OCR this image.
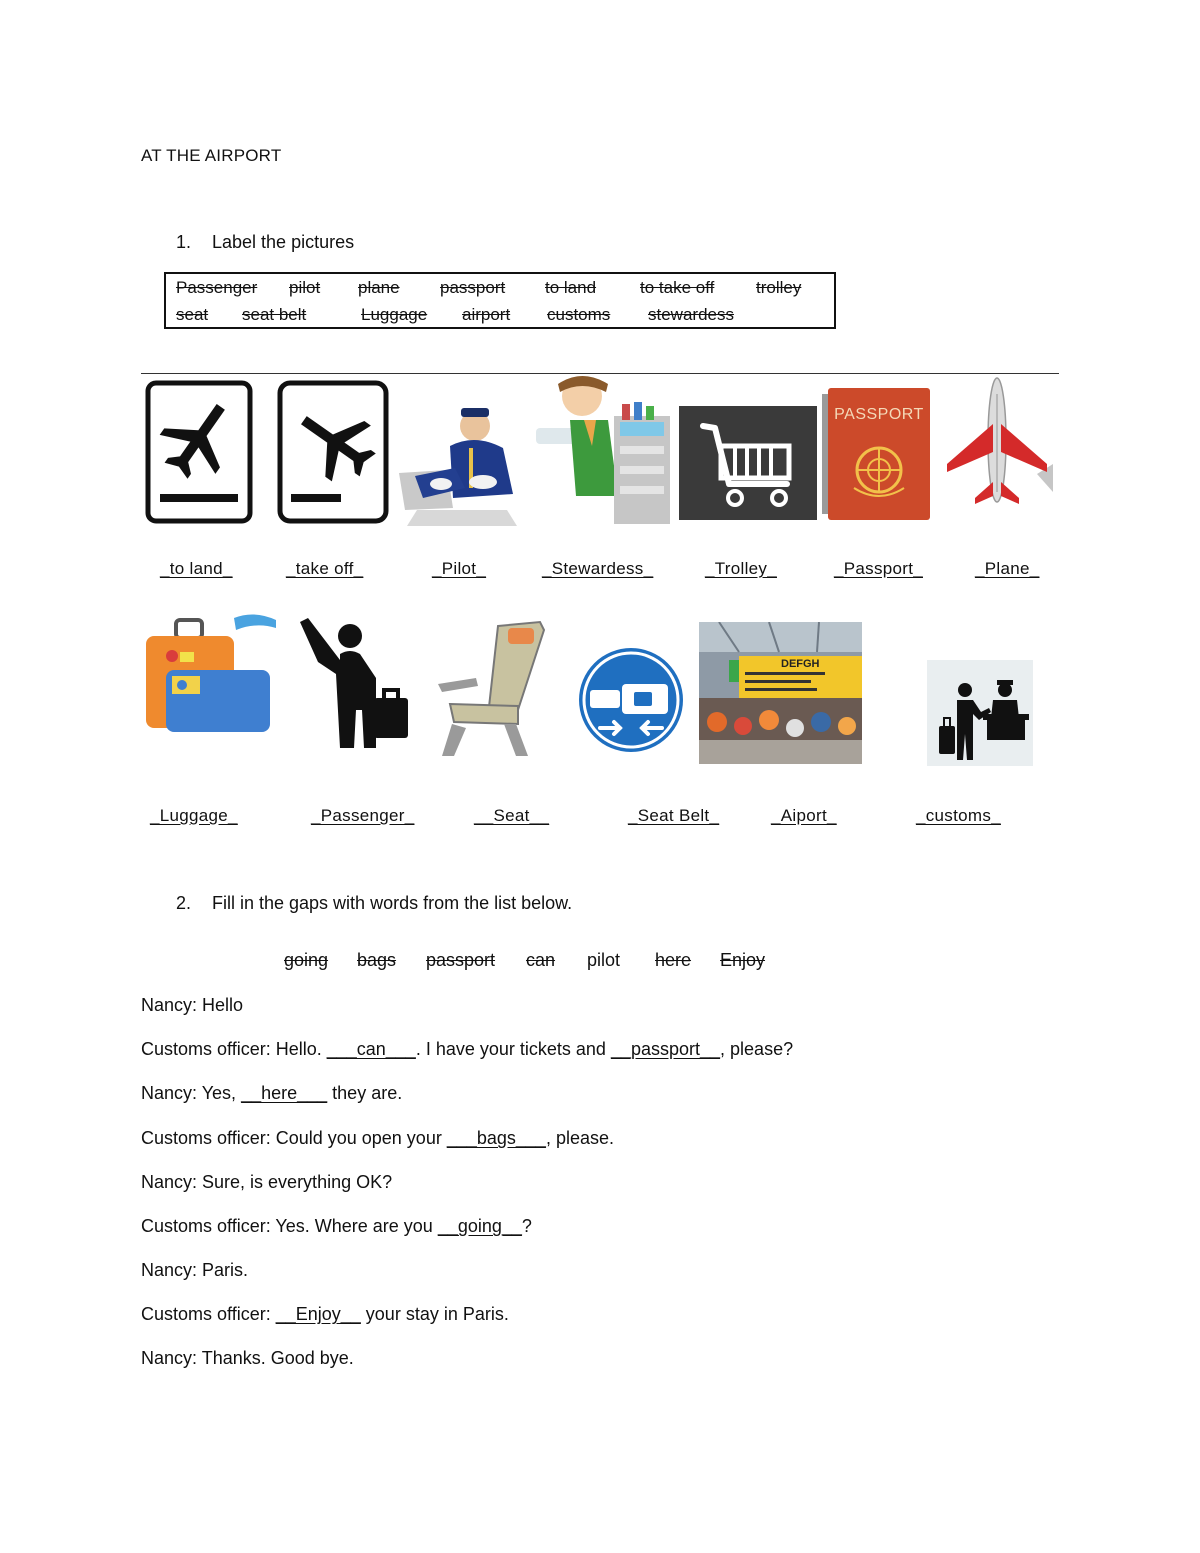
AT THE AIRPORT
1. Label the pictures
Passenger pilot plane passport to land	to take off trolley
seat seat belt	Luggage airport customs stewardess
PASSPORT
_to land_	_take off_	_Pilot_	_Stewardess_	_Trolley_	_Passport_	_Plane_
DEFGH
_Luggage_	_Passenger_	__Seat__	_Seat Belt_	_Aiport_	_customs_
2. Fill in the gaps with words from the list below.
going bags passport can pilot here Enjoy
Nancy: Hello
Customs officer: Hello. ___can___. I have your tickets and __passport__, please?
Nancy: Yes, __here___ they are.
Customs officer: Could you open your ___bags___, please.
Nancy: Sure, is everything OK?
Customs officer: Yes. Where are you __going__?
Nancy: Paris.
Customs officer: __Enjoy__ your stay in Paris.
Nancy: Thanks. Good bye.
